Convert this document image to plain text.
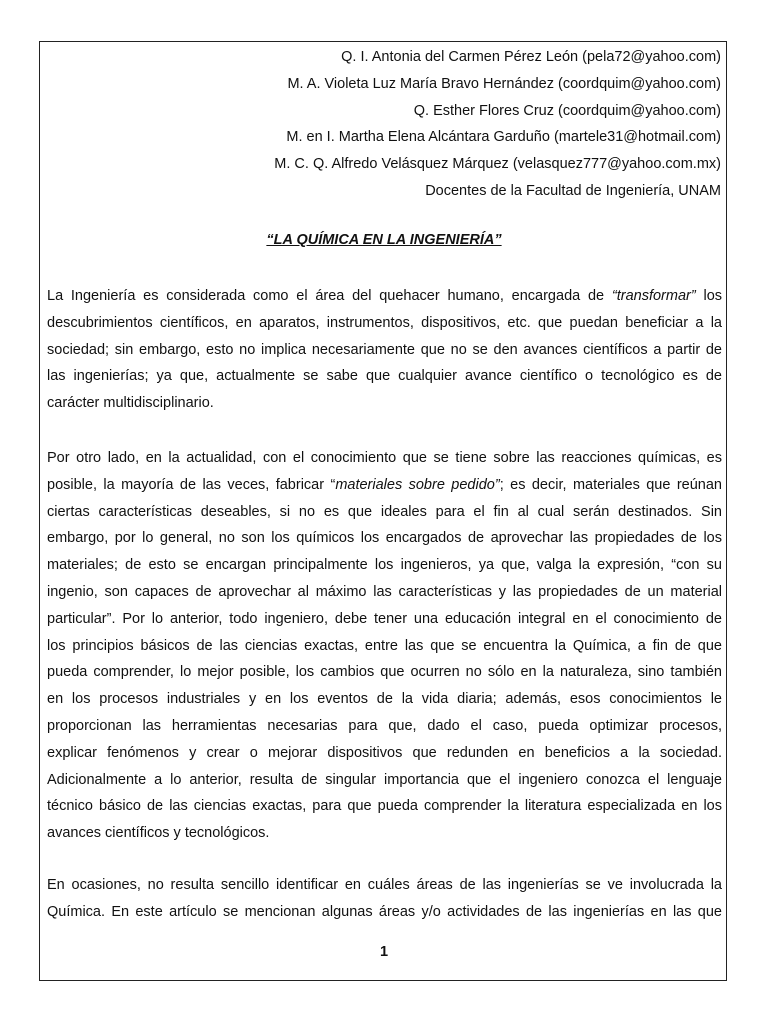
Q. I. Antonia del Carmen Pérez León (pela72@yahoo.com)
M. A. Violeta Luz María Bravo Hernández (coordquim@yahoo.com)
Q. Esther Flores Cruz (coordquim@yahoo.com)
M. en I. Martha Elena Alcántara Garduño (martele31@hotmail.com)
M. C. Q. Alfredo Velásquez Márquez (velasquez777@yahoo.com.mx)
Docentes de la Facultad de Ingeniería, UNAM
“LA QUÍMICA EN LA INGENIERÍA”
La Ingeniería es considerada como el área del quehacer humano, encargada de “transformar” los
descubrimientos científicos, en aparatos, instrumentos, dispositivos, etc. que puedan beneficiar a la
sociedad; sin embargo, esto no implica necesariamente que no se den avances científicos a partir de
las ingenierías; ya que, actualmente se sabe que cualquier avance científico o tecnológico es de
carácter multidisciplinario.
Por otro lado, en la actualidad, con el conocimiento que se tiene sobre las reacciones químicas, es
posible, la mayoría de las veces, fabricar “materiales sobre pedido”; es decir, materiales que reúnan
ciertas características deseables, si no es que ideales para el fin al cual serán destinados. Sin
embargo, por lo general, no son los químicos los encargados de aprovechar las propiedades de los
materiales; de esto se encargan principalmente los ingenieros, ya que, valga la expresión, “con su
ingenio, son capaces de aprovechar al máximo las características y las propiedades de un material
particular”. Por lo anterior, todo ingeniero, debe tener una educación integral en el conocimiento de
los principios básicos de las ciencias exactas, entre las que se encuentra la Química, a fin de que
pueda comprender, lo mejor posible, los cambios que ocurren no sólo en la naturaleza, sino también
en los procesos industriales y en los eventos de la vida diaria; además, esos conocimientos le
proporcionan las herramientas necesarias para que, dado el caso, pueda optimizar procesos,
explicar fenómenos y crear o mejorar dispositivos que redunden en beneficios a la sociedad.
Adicionalmente a lo anterior, resulta de singular importancia que el ingeniero conozca el lenguaje
técnico básico de las ciencias exactas, para que pueda comprender la literatura especializada en los
avances científicos y tecnológicos.
En ocasiones, no resulta sencillo identificar en cuáles áreas de las ingenierías se ve involucrada la
Química. En este artículo se mencionan algunas áreas y/o actividades de las ingenierías en las que
1
